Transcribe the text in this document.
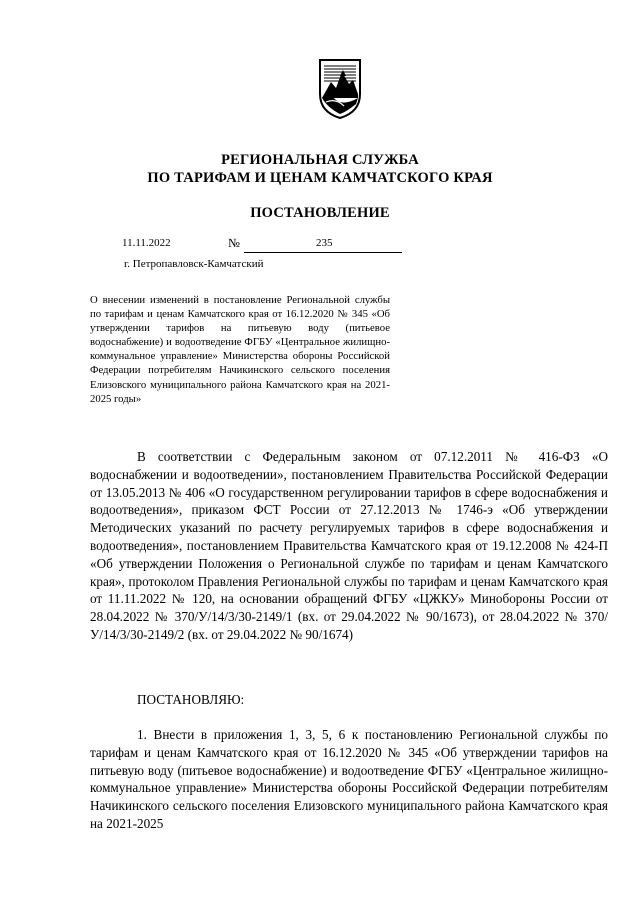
РЕГИОНАЛЬНАЯ СЛУЖБА
ПО ТАРИФАМ И ЦЕНАМ КАМЧАТСКОГО КРАЯ
ПОСТАНОВЛЕНИЕ
11.11.2022	№	235
г. Петропавловск-Камчатский
О внесении изменений в постановление Региональной службы по тарифам и ценам Камчатского края от 16.12.2020 № 345 «Об утверждении тарифов на питьевую воду (питьевое водоснабжение) и водоотведение ФГБУ «Центральное жилищно-коммунальное управление» Министерства обороны Российской Федерации потребителям Начикинского сельского поселения Елизовского муниципального района Камчатского края на 2021-2025 годы»
В соответствии с Федеральным законом от 07.12.2011 № 416-ФЗ «О водоснабжении и водоотведении», постановлением Правительства Российской Федерации от 13.05.2013 № 406 «О государственном регулировании тарифов в сфере водоснабжения и водоотведения», приказом ФСТ России от 27.12.2013 № 1746-э «Об утверждении Методических указаний по расчету регулируемых тарифов в сфере водоснабжения и водоотведения», постановлением Правительства Камчатского края от 19.12.2008 № 424-П «Об утверждении Положения о Региональной службе по тарифам и ценам Камчатского края», протоколом Правления Региональной службы по тарифам и ценам Камчатского края от 11.11.2022 № 120, на основании обращений ФГБУ «ЦЖКУ» Минобороны России от 28.04.2022 № 370/У/14/3/30-2149/1 (вх. от 29.04.2022 № 90/1673), от 28.04.2022 № 370/У/14/3/30-2149/2 (вх. от 29.04.2022 № 90/1674)
ПОСТАНОВЛЯЮ:
1. Внести в приложения 1, 3, 5, 6 к постановлению Региональной службы по тарифам и ценам Камчатского края от 16.12.2020 № 345 «Об утверждении тарифов на питьевую воду (питьевое водоснабжение) и водоотведение ФГБУ «Центральное жилищно-коммунальное управление» Министерства обороны Российской Федерации потребителям Начикинского сельского поселения Елизовского муниципального района Камчатского края на 2021-2025
